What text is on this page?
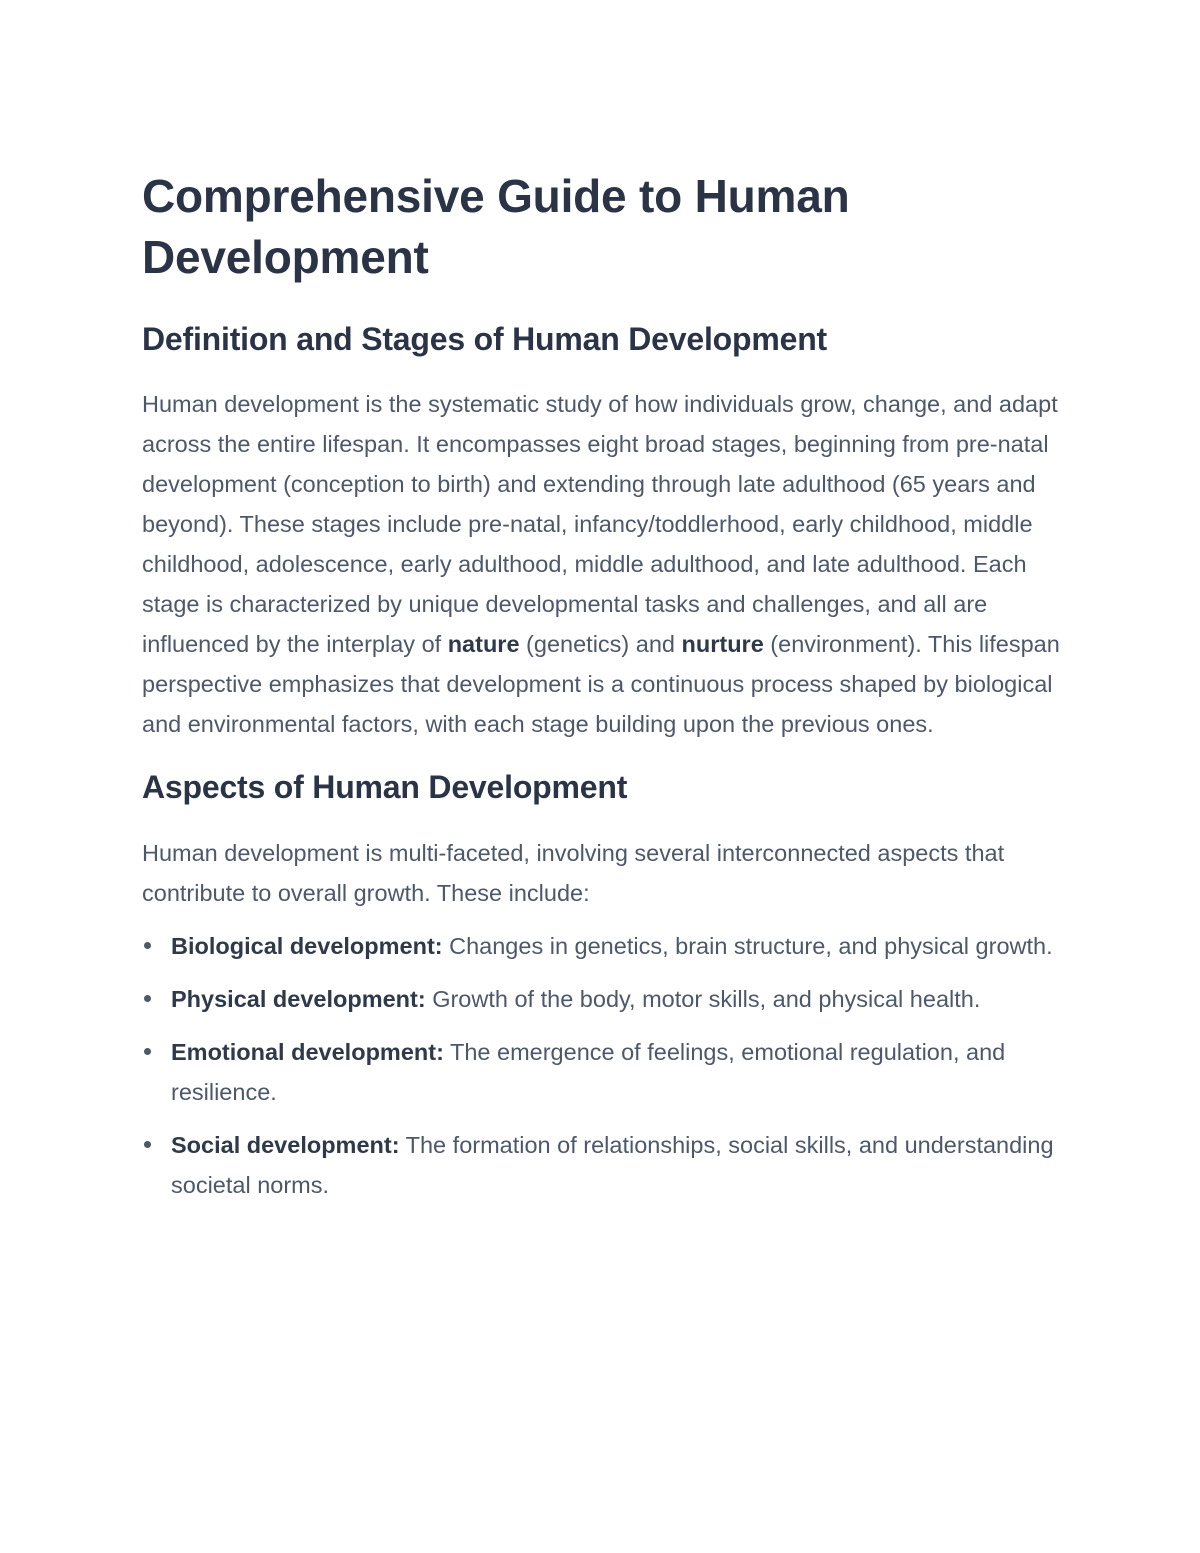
Comprehensive Guide to Human Development
Definition and Stages of Human Development

Human development is the systematic study of how individuals grow, change, and adapt across the entire lifespan. It encompasses eight broad stages, beginning from pre-natal development (conception to birth) and extending through late adulthood (65 years and beyond). These stages include pre-natal, infancy/toddlerhood, early childhood, middle childhood, adolescence, early adulthood, middle adulthood, and late adulthood. Each stage is characterized by unique developmental tasks and challenges, and all are influenced by the interplay of nature (genetics) and nurture (environment). This lifespan perspective emphasizes that development is a continuous process shaped by biological and environmental factors, with each stage building upon the previous ones.

Aspects of Human Development

Human development is multi-faceted, involving several interconnected aspects that contribute to overall growth. These include:

Biological development: Changes in genetics, brain structure, and physical growth.
Physical development: Growth of the body, motor skills, and physical health.
Emotional development: The emergence of feelings, emotional regulation, and resilience.
Social development: The formation of relationships, social skills, and understanding societal norms.
